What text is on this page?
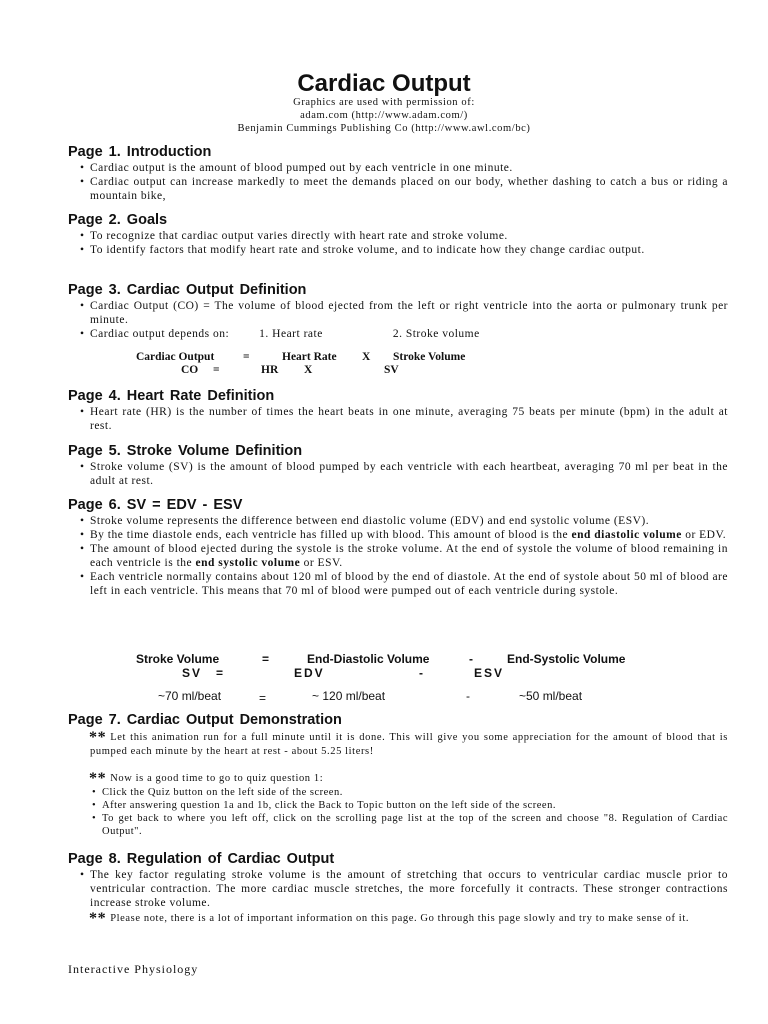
Cardiac Output
Graphics are used with permission of:
adam.com (http://www.adam.com/)
Benjamin Cummings Publishing Co (http://www.awl.com/bc)
Page 1. Introduction
• Cardiac output is the amount of blood pumped out by each ventricle in one minute.
• Cardiac output can increase markedly to meet the demands placed on our body, whether dashing to catch a bus or riding a mountain bike,
Page 2. Goals
• To recognize that cardiac output varies directly with heart rate and stroke volume.
• To identify factors that modify heart rate and stroke volume, and to indicate how they change cardiac output.
Page 3. Cardiac Output Definition
• Cardiac Output (CO) = The volume of blood ejected from the left or right ventricle into the aorta or pulmonary trunk per minute.
• Cardiac output depends on:	1. Heart rate	2. Stroke volume
Cardiac Output =	Heart Rate X Stroke Volume
CO =	HR X	SV
Page 4. Heart Rate Definition
• Heart rate (HR) is the number of times the heart beats in one minute, averaging 75 beats per minute (bpm) in the adult at rest.
Page 5. Stroke Volume Definition
• Stroke volume (SV) is the amount of blood pumped by each ventricle with each heartbeat, averaging 70 ml per beat in the adult at rest.
Page 6. SV = EDV - ESV
• Stroke volume represents the difference between end diastolic volume (EDV) and end systolic volume (ESV).
• By the time diastole ends, each ventricle has filled up with blood. This amount of blood is the end diastolic volume or EDV.
• The amount of blood ejected during the systole is the stroke volume. At the end of systole the volume of blood remaining in each ventricle is the end systolic volume or ESV.
• Each ventricle normally contains about 120 ml of blood by the end of diastole. At the end of systole about 50 ml of blood are left in each ventricle. This means that 70 ml of blood were pumped out of each ventricle during systole.
Stroke Volume	=	End-Diastolic Volume	-	End-Systolic Volume
SV =	EDV	-	ESV
~70 ml/beat	=	~ 120 ml/beat	-	~50 ml/beat
Page 7. Cardiac Output Demonstration
** Let this animation run for a full minute until it is done. This will give you some appreciation for the amount of blood that is pumped each minute by the heart at rest - about 5.25 liters!
** Now is a good time to go to quiz question 1:
• Click the Quiz button on the left side of the screen.
• After answering question 1a and 1b, click the Back to Topic button on the left side of the screen.
• To get back to where you left off, click on the scrolling page list at the top of the screen and choose "8. Regulation of Cardiac Output".
Page 8. Regulation of Cardiac Output
• The key factor regulating stroke volume is the amount of stretching that occurs to ventricular cardiac muscle prior to ventricular contraction. The more cardiac muscle stretches, the more forcefully it contracts. These stronger contractions increase stroke volume.
** Please note, there is a lot of important information on this page. Go through this page slowly and try to make sense of it.
Interactive Physiology
